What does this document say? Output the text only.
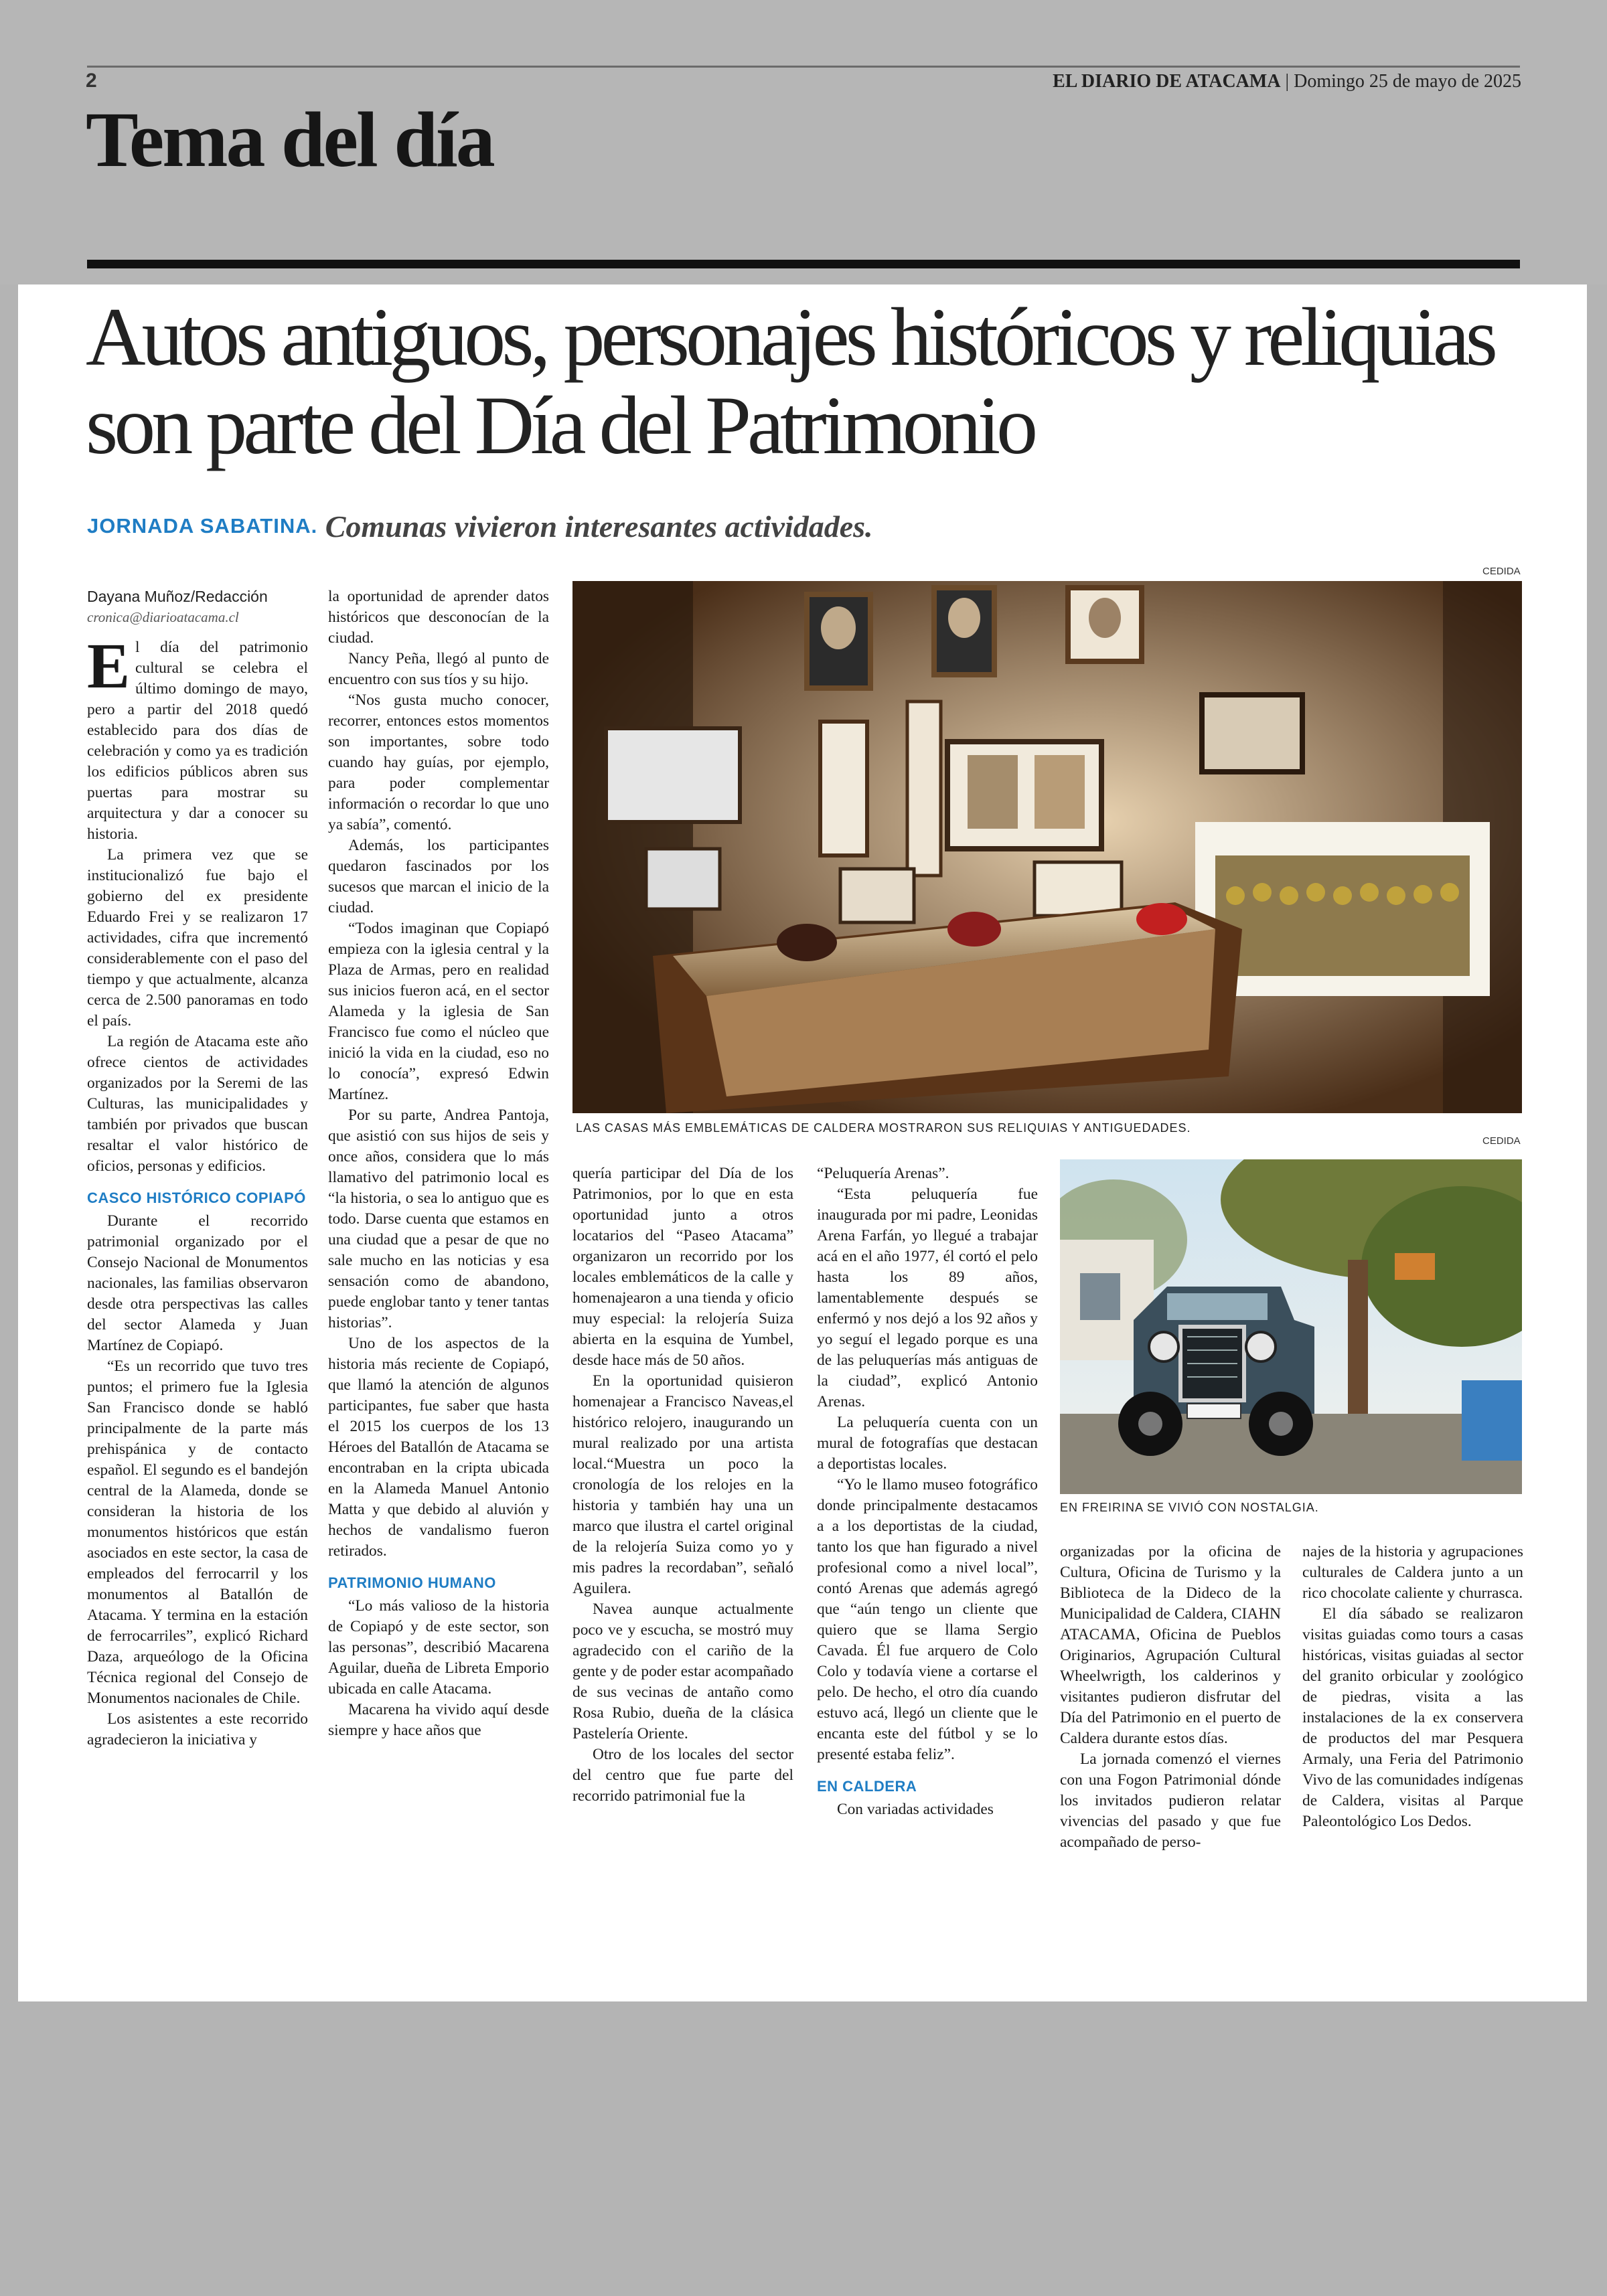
2	EL DIARIO DE ATACAMA | Domingo 25 de mayo de 2025
Tema del día
Autos antiguos, personajes históricos y reliquias son parte del Día del Patrimonio
JORNADA SABATINA. Comunas vivieron interesantes actividades.
CEDIDA
LAS CASAS MÁS EMBLEMÁTICAS DE CALDERA MOSTRARON SUS RELIQUIAS Y ANTIGUEDADES.
CEDIDA
EN FREIRINA SE VIVIÓ CON NOSTALGIA.
Dayana Muñoz/Redacción
cronica@diarioatacama.cl

El día del patrimonio cultural se celebra el último domingo de mayo, pero a partir del 2018 quedó establecido para dos días de celebración y como ya es tradición los edificios públicos abren sus puertas para mostrar su arquitectura y dar a conocer su historia.

La primera vez que se institucionalizó fue bajo el gobierno del ex presidente Eduardo Frei y se realizaron 17 actividades, cifra que incrementó considerablemente con el paso del tiempo y que actualmente, alcanza cerca de 2.500 panoramas en todo el país.

La región de Atacama este año ofrece cientos de actividades organizados por la Seremi de las Culturas, las municipalidades y también por privados que buscan resaltar el valor histórico de oficios, personas y edificios.

CASCO HISTÓRICO COPIAPÓ

Durante el recorrido patrimonial organizado por el Consejo Nacional de Monumentos nacionales, las familias observaron desde otra perspectivas las calles del sector Alameda y Juan Martínez de Copiapó.

“Es un recorrido que tuvo tres puntos; el primero fue la Iglesia San Francisco donde se habló principalmente de la parte más prehispánica y de contacto español. El segundo es el bandejón central de la Alameda, donde se consideran la historia de los monumentos históricos que están asociados en este sector, la casa de empleados del ferrocarril y los monumentos al Batallón de Atacama. Y termina en la estación de ferrocarriles”, explicó Richard Daza, arqueólogo de la Oficina Técnica regional del Consejo de Monumentos nacionales de Chile.

Los asistentes a este recorrido agradecieron la iniciativa y

la oportunidad de aprender datos históricos que desconocían de la ciudad.

Nancy Peña, llegó al punto de encuentro con sus tíos y su hijo.

“Nos gusta mucho conocer, recorrer, entonces estos momentos son importantes, sobre todo cuando hay guías, por ejemplo, para poder complementar información o recordar lo que uno ya sabía”, comentó.

Además, los participantes quedaron fascinados por los sucesos que marcan el inicio de la ciudad.

“Todos imaginan que Copiapó empieza con la iglesia central y la Plaza de Armas, pero en realidad sus inicios fueron acá, en el sector Alameda y la iglesia de San Francisco fue como el núcleo que inició la vida en la ciudad, eso no lo conocía”, expresó Edwin Martínez.

Por su parte, Andrea Pantoja, que asistió con sus hijos de seis y once años, considera que lo más llamativo del patrimonio local es “la historia, o sea lo antiguo que es todo. Darse cuenta que estamos en una ciudad que a pesar de que no sale mucho en las noticias y esa sensación como de abandono, puede englobar tanto y tener tantas historias”.

Uno de los aspectos de la historia más reciente de Copiapó, que llamó la atención de algunos participantes, fue saber que hasta el 2015 los cuerpos de los 13 Héroes del Batallón de Atacama se encontraban en la cripta ubicada en la Alameda Manuel Antonio Matta y que debido al aluvión y hechos de vandalismo fueron retirados.

PATRIMONIO HUMANO

“Lo más valioso de la historia de Copiapó y de este sector, son las personas”, describió Macarena Aguilar, dueña de Libreta Emporio ubicada en calle Atacama.

Macarena ha vivido aquí desde siempre y hace años que

quería participar del Día de los Patrimonios, por lo que en esta oportunidad junto a otros locatarios del “Paseo Atacama” organizaron un recorrido por los locales emblemáticos de la calle y homenajearon a una tienda y oficio muy especial: la relojería Suiza abierta en la esquina de Yumbel, desde hace más de 50 años.

En la oportunidad quisieron homenajear a Francisco Naveas,el histórico relojero, inaugurando un mural realizado por una artista local.“Muestra un poco la cronología de los relojes en la historia y también hay una un marco que ilustra el cartel original de la relojería Suiza como yo y mis padres la recordaban”, señaló Aguilera.

Navea aunque actualmente poco ve y escucha, se mostró muy agradecido con el cariño de la gente y de poder estar acompañado de sus vecinas de antaño como Rosa Rubio, dueña de la clásica Pastelería Oriente.

Otro de los locales del sector del centro que fue parte del recorrido patrimonial fue la

“Peluquería Arenas”.

“Esta peluquería fue inaugurada por mi padre, Leonidas Arena Farfán, yo llegué a trabajar acá en el año 1977, él cortó el pelo hasta los 89 años, lamentablemente después se enfermó y nos dejó a los 92 años y yo seguí el legado porque es una de las peluquerías más antiguas de la ciudad”, explicó Antonio Arenas.

La peluquería cuenta con un mural de fotografías que destacan a deportistas locales.

“Yo le llamo museo fotográfico donde principalmente destacamos a a los deportistas de la ciudad, tanto los que han figurado a nivel profesional como a nivel local”, contó Arenas que además agregó que “aún tengo un cliente que quiero que se llama Sergio Cavada. Él fue arquero de Colo Colo y todavía viene a cortarse el pelo. De hecho, el otro día cuando estuvo acá, llegó un cliente que le encanta este del fútbol y se lo presenté estaba feliz”.

EN CALDERA

Con variadas actividades

organizadas por la oficina de Cultura, Oficina de Turismo y la Biblioteca de la Dideco de la Municipalidad de Caldera, CIAHN ATACAMA, Oficina de Pueblos Originarios, Agrupación Cultural Wheelwrigth, los calderinos y visitantes pudieron disfrutar del Día del Patrimonio en el puerto de Caldera durante estos días.

La jornada comenzó el viernes con una Fogon Patrimonial dónde los invitados pudieron relatar vivencias del pasado y que fue acompañado de perso-

najes de la historia y agrupaciones culturales de Caldera junto a un rico chocolate caliente y churrasca.

El día sábado se realizaron visitas guiadas como tours a casas históricas, visitas guiadas al sector del granito orbicular y zoológico de piedras, visita a las instalaciones de la ex conservera de productos del mar Pesquera Armaly, una Feria del Patrimonio Vivo de las comunidades indígenas de Caldera, visitas al Parque Paleontológico Los Dedos.
